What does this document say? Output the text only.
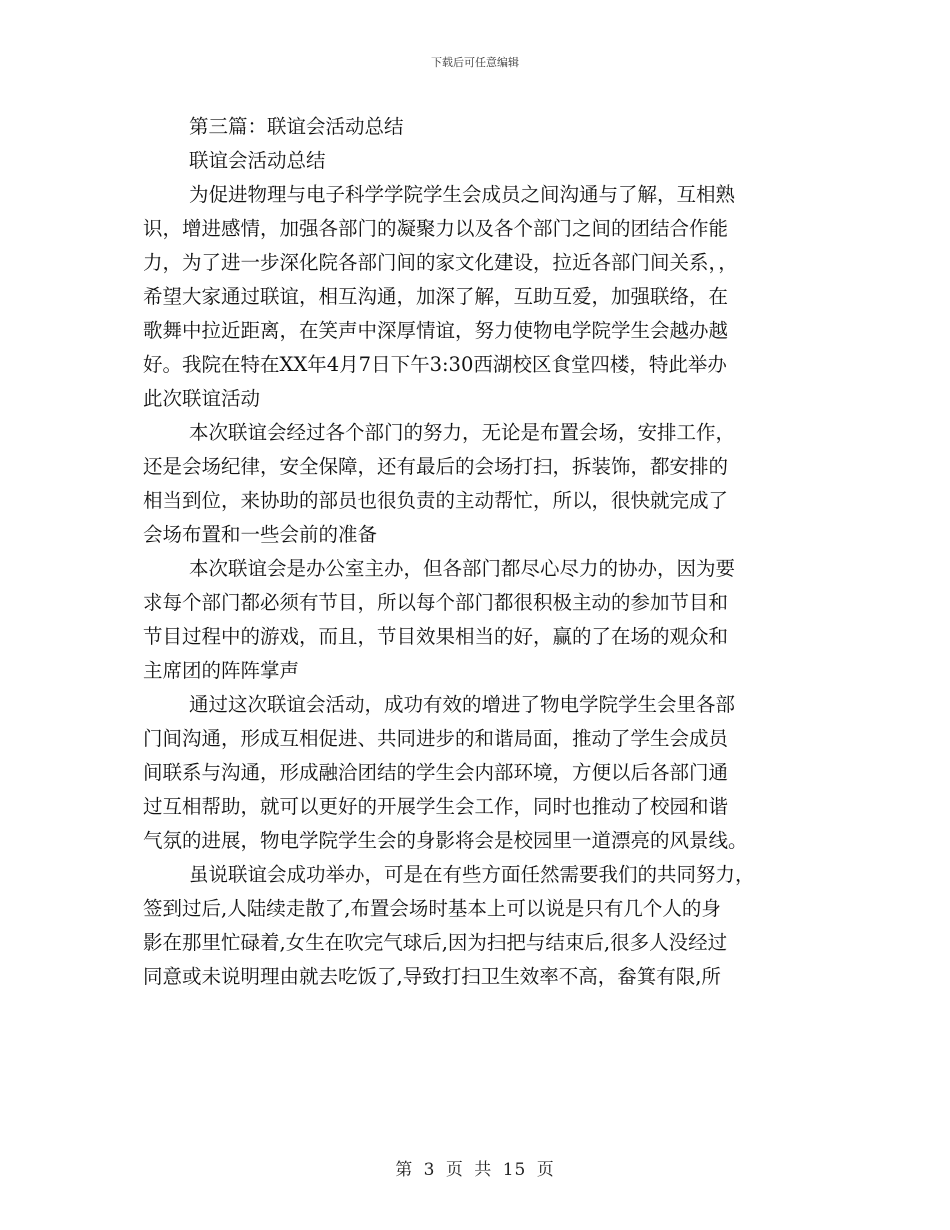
下载后可任意编辑
第三篇：联谊会活动总结
联谊会活动总结
为促进物理与电子科学学院学生会成员之间沟通与了解，互相熟
识，增进感情，加强各部门的凝聚力以及各个部门之间的团结合作能
力，为了进一步深化院各部门间的家文化建设，拉近各部门间关系，，
希望大家通过联谊，相互沟通，加深了解，互助互爱，加强联络，在
歌舞中拉近距离，在笑声中深厚情谊，努力使物电学院学生会越办越
好。我院在特在XX年4月7日下午3:30西湖校区食堂四楼，特此举办
此次联谊活动
本次联谊会经过各个部门的努力，无论是布置会场，安排工作，
还是会场纪律，安全保障，还有最后的会场打扫，拆装饰，都安排的
相当到位，来协助的部员也很负责的主动帮忙，所以，很快就完成了
会场布置和一些会前的准备
本次联谊会是办公室主办，但各部门都尽心尽力的协办，因为要
求每个部门都必须有节目，所以每个部门都很积极主动的参加节目和
节目过程中的游戏，而且，节目效果相当的好，赢的了在场的观众和
主席团的阵阵掌声
通过这次联谊会活动，成功有效的增进了物电学院学生会里各部
门间沟通，形成互相促进、共同进步的和谐局面，推动了学生会成员
间联系与沟通，形成融洽团结的学生会内部环境，方便以后各部门通
过互相帮助，就可以更好的开展学生会工作，同时也推动了校园和谐
气氛的进展，物电学院学生会的身影将会是校园里一道漂亮的风景线。
虽说联谊会成功举办，可是在有些方面任然需要我们的共同努力，
签到过后,人陆续走散了,布置会场时基本上可以说是只有几个人的身
影在那里忙碌着,女生在吹完气球后,因为扫把与结束后,很多人没经过
同意或未说明理由就去吃饭了,导致打扫卫生效率不高，畚箕有限,所
第 3 页 共 15 页
